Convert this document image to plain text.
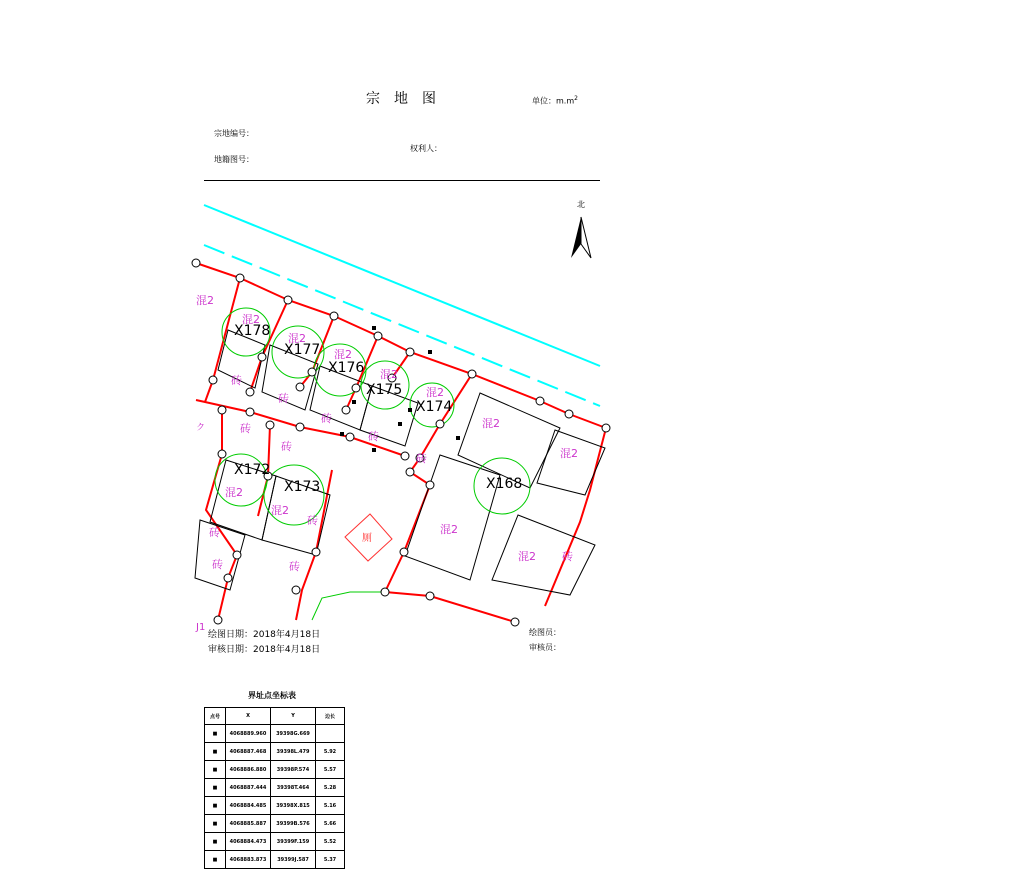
宗地图	单位：$m.m^2$
宗地编号：
地籍图号：
权利人：
混2
混2
混2
混2
混2
混2
混2
混2
混2
混2
混2
混2
砖
砖
砖
砖
砖
砖
砖
砖
砖
砖	砖
砖
ク
J1
厕
X178
X177
X176
X175
X174
X172
X173	X168
北
绘图日期：2018年4月18日
审核日期：2018年4月18日
绘图员：
审核员：
界址点坐标表
点号	X	Y	边长
■	4068889.960	39398G.669	
■	4068887.468	39398L.479	5.92
■	4068886.880	39398P.574	5.57
■	4068887.444	39398T.464	5.28
■	4068884.485	39398X.815	5.16
■	4068885.887	39399B.576	5.66
■	4068884.473	39399F.159	5.52
■	4068883.873	39399J.587	5.37
